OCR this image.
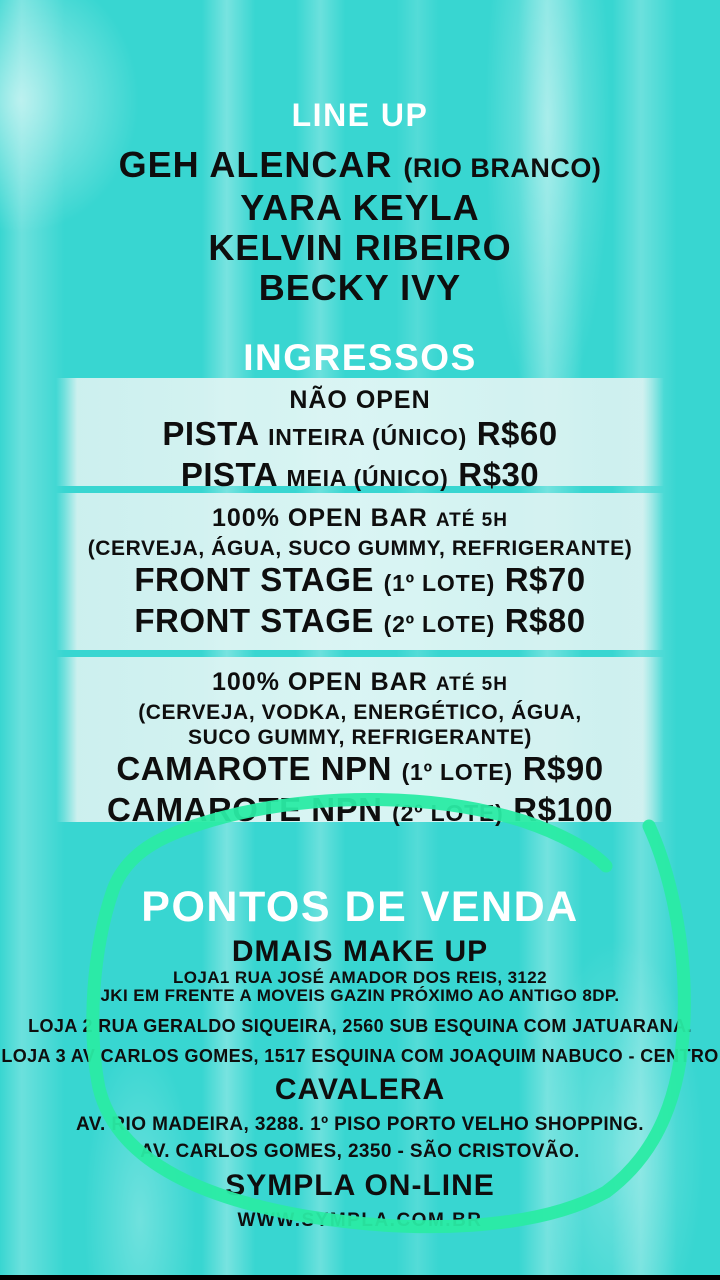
LINE UP
GEH ALENCAR (RIO BRANCO)
YARA KEYLA
KELVIN RIBEIRO
BECKY IVY
INGRESSOS
NÃO OPEN
PISTA INTEIRA (ÚNICO) R$60
PISTA MEIA (ÚNICO) R$30
100% OPEN BAR ATÉ 5H
(CERVEJA, ÁGUA, SUCO GUMMY, REFRIGERANTE)
FRONT STAGE (1º LOTE) R$70
FRONT STAGE (2º LOTE) R$80
100% OPEN BAR ATÉ 5H
(CERVEJA, VODKA, ENERGÉTICO, ÁGUA,
SUCO GUMMY, REFRIGERANTE)
CAMAROTE NPN (1º LOTE) R$90
CAMAROTE NPN (2º LOTE) R$100
PONTOS DE VENDA
DMAIS MAKE UP

LOJA1 RUA JOSÉ AMADOR DOS REIS, 3122

JKI EM FRENTE A MOVEIS GAZIN PRÓXIMO AO ANTIGO 8DP.

LOJA 2 RUA GERALDO SIQUEIRA, 2560 SUB ESQUINA COM JATUARANA.

LOJA 3 AV CARLOS GOMES, 1517 ESQUINA COM JOAQUIM NABUCO - CENTRO

CAVALERA

AV. RIO MADEIRA, 3288. 1º PISO PORTO VELHO SHOPPING.

AV. CARLOS GOMES, 2350 - SÃO CRISTOVÃO.

SYMPLA ON-LINE

WWW.SYMPLA.COM.BR
